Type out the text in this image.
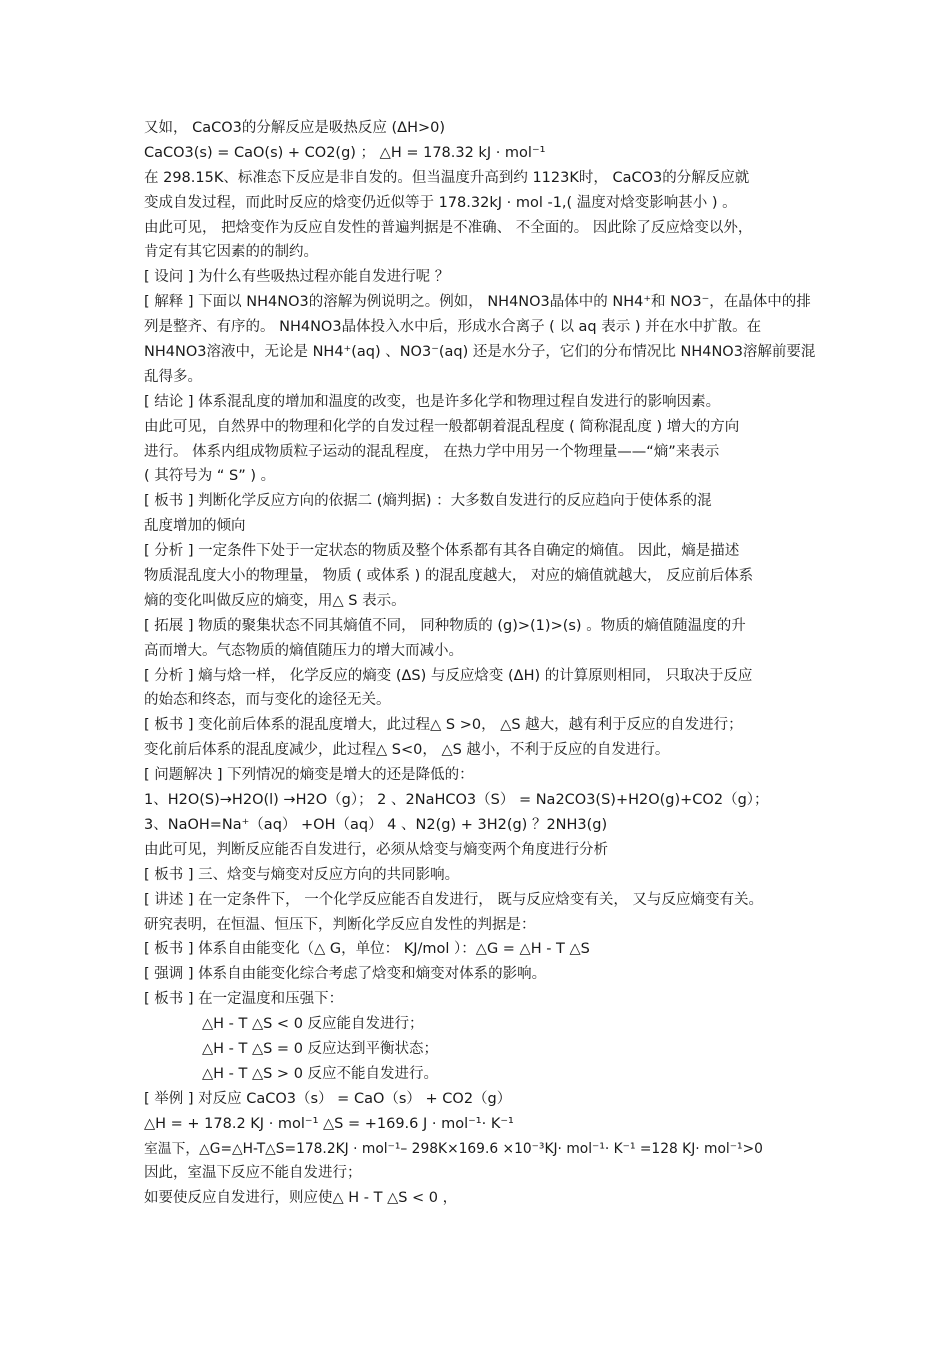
又如， CaCO3的分解反应是吸热反应 (ΔH>0)
CaCO3(s) = CaO(s) + CO2(g) ； △H = 178.32 kJ · mol⁻¹
在 298.15K、标准态下反应是非自发的。但当温度升高到约 1123K时， CaCO3的分解反应就
变成自发过程，而此时反应的焓变仍近似等于 178.32kJ · mol -1,( 温度对焓变影响甚小 ) 。
由此可见， 把焓变作为反应自发性的普遍判据是不准确、 不全面的。 因此除了反应焓变以外，
肯定有其它因素的的制约。
[ 设问 ] 为什么有些吸热过程亦能自发进行呢 ？
[ 解释 ] 下面以 NH4NO3的溶解为例说明之。例如， NH4NO3晶体中的 NH4⁺和 NO3⁻，在晶体中的排
列是整齐、有序的。 NH4NO3晶体投入水中后，形成水合离子 ( 以 aq 表示 ) 并在水中扩散。在
NH4NO3溶液中，无论是 NH4⁺(aq) 、NO3⁻(aq) 还是水分子，它们的分布情况比 NH4NO3溶解前要混
乱得多。
[ 结论 ] 体系混乱度的增加和温度的改变，也是许多化学和物理过程自发进行的影响因素。
由此可见，自然界中的物理和化学的自发过程一般都朝着混乱程度 ( 简称混乱度 ) 增大的方向
进行。 体系内组成物质粒子运动的混乱程度， 在热力学中用另一个物理量——“熵”来表示
( 其符号为 “ S” ) 。
[ 板书 ] 判断化学反应方向的依据二 (熵判据) ：大多数自发进行的反应趋向于使体系的混
乱度增加的倾向
[ 分析 ] 一定条件下处于一定状态的物质及整个体系都有其各自确定的熵值。 因此，熵是描述
物质混乱度大小的物理量， 物质 ( 或体系 ) 的混乱度越大， 对应的熵值就越大， 反应前后体系
熵的变化叫做反应的熵变，用△ S 表示。
[ 拓展 ] 物质的聚集状态不同其熵值不同， 同种物质的 (g)>(1)>(s) 。物质的熵值随温度的升
高而增大。气态物质的熵值随压力的增大而减小。
[ 分析 ] 熵与焓一样， 化学反应的熵变 (ΔS) 与反应焓变 (ΔH) 的计算原则相同， 只取决于反应
的始态和终态，而与变化的途径无关。
[ 板书 ] 变化前后体系的混乱度增大，此过程△ S >0， △S 越大，越有利于反应的自发进行；
变化前后体系的混乱度减少，此过程△ S<0， △S 越小，不利于反应的自发进行。
[ 问题解决 ] 下列情况的熵变是增大的还是降低的：
1、H2O(S)→H2O(l) →H2O（g）； 2 、2NaHCO3（S） = Na2CO3(S)+H2O(g)+CO2（g）；
3、NaOH=Na⁺（aq） +OH（aq） 4 、N2(g) + 3H2(g) ？2NH3(g)
由此可见，判断反应能否自发进行，必须从焓变与熵变两个角度进行分析
[ 板书 ] 三、焓变与熵变对反应方向的共同影响。
[ 讲述 ] 在一定条件下， 一个化学反应能否自发进行， 既与反应焓变有关， 又与反应熵变有关。
研究表明，在恒温、恒压下，判断化学反应自发性的判据是：
[ 板书 ] 体系自由能变化（△ G，单位： KJ/mol ）：△G = △H - T △S
[ 强调 ] 体系自由能变化综合考虑了焓变和熵变对体系的影响。
[ 板书 ] 在一定温度和压强下：
△H - T △S < 0 反应能自发进行；
△H - T △S = 0 反应达到平衡状态；
△H - T △S > 0 反应不能自发进行。
[ 举例 ] 对反应 CaCO3（s） = CaO（s） + CO2（g）
△H = + 178.2 KJ · mol⁻¹ △S = +169.6 J · mol⁻¹· K⁻¹
室温下，△G=△H-T△S=178.2KJ · mol⁻¹– 298K×169.6 ×10⁻³KJ· mol⁻¹· K⁻¹ =128 KJ· mol⁻¹>0
因此，室温下反应不能自发进行；
如要使反应自发进行，则应使△ H - T △S < 0 ，
